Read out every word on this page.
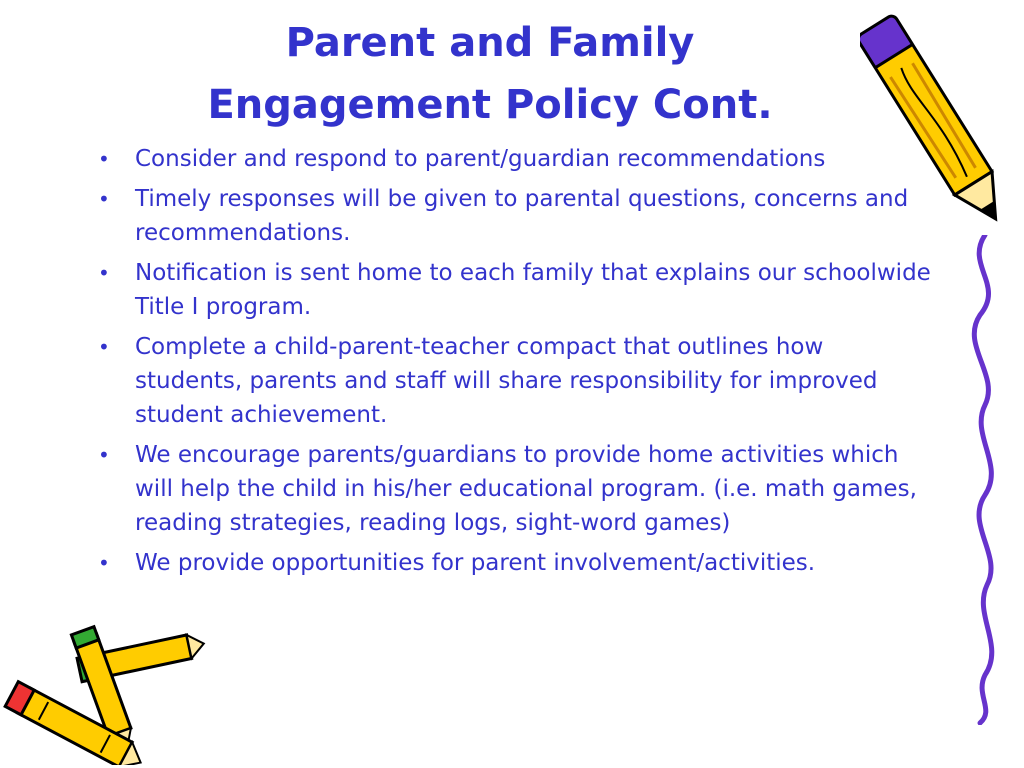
Parent and Family
Engagement Policy Cont.
• Consider and respond to parent/guardian recommendations
• Timely responses will be given to parental questions, concerns and recommendations.
• Notification is sent home to each family that explains our schoolwide Title I program.
• Complete a child-parent-teacher compact that outlines how students, parents and staff will share responsibility for improved student achievement.
• We encourage parents/guardians to provide home activities which will help the child in his/her educational program. (i.e. math games, reading strategies, reading logs, sight-word games)
• We provide opportunities for parent involvement/activities.
